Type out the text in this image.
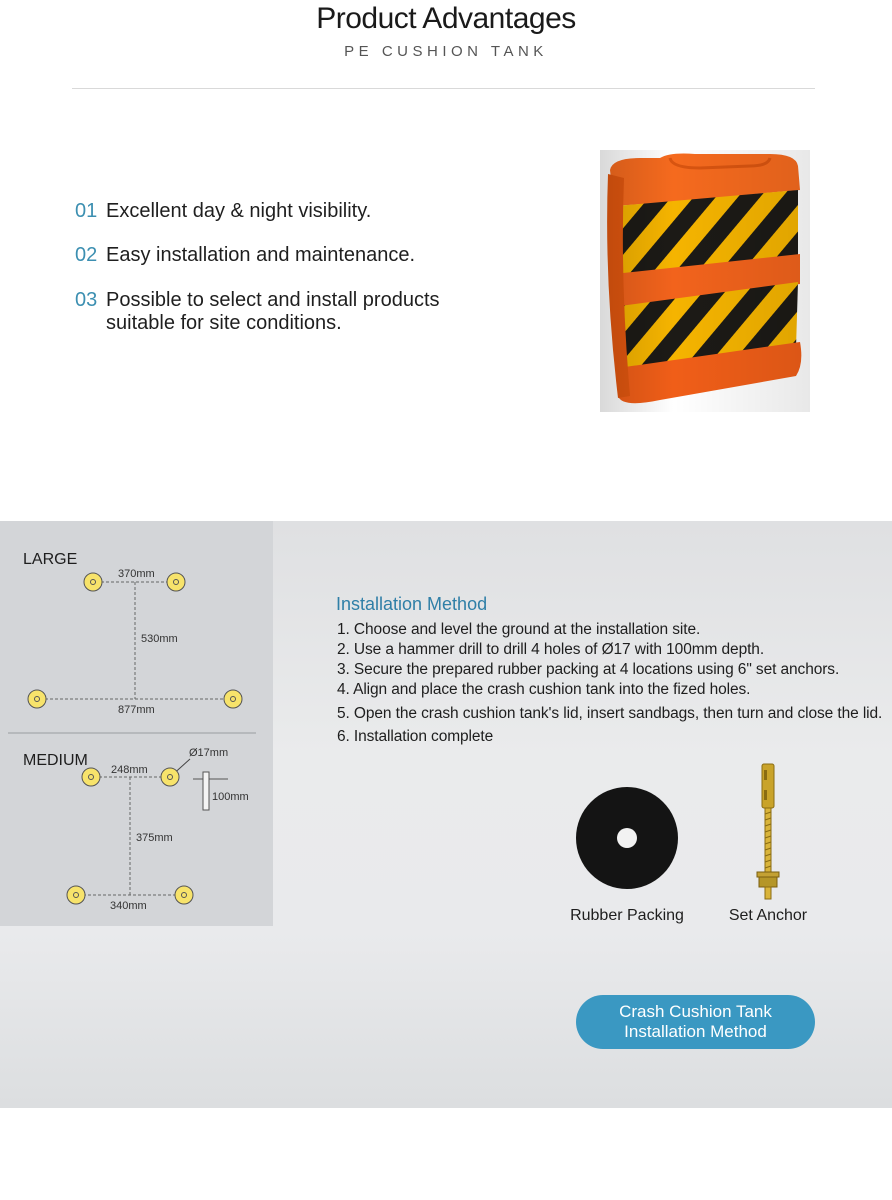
Product Advantages
PE CUSHION TANK
01 Excellent day & night visibility.
02 Easy installation and maintenance.
03 Possible to select and install products suitable for site conditions.
LARGE
370mm
530mm
877mm
MEDIUM
248mm
Ø17mm
100mm
375mm
340mm
Installation Method
1. Choose and level the ground at the installation site.
2. Use a hammer drill to drill 4 holes of Ø17 with 100mm depth.
3. Secure the prepared rubber packing at 4 locations using 6" set anchors.
4. Align and place the crash cushion tank into the fized holes.
5. Open the crash cushion tank's lid, insert sandbags, then turn and close the lid.
6. Installation complete
Rubber Packing	Set Anchor
Crash Cushion Tank
Installation Method
